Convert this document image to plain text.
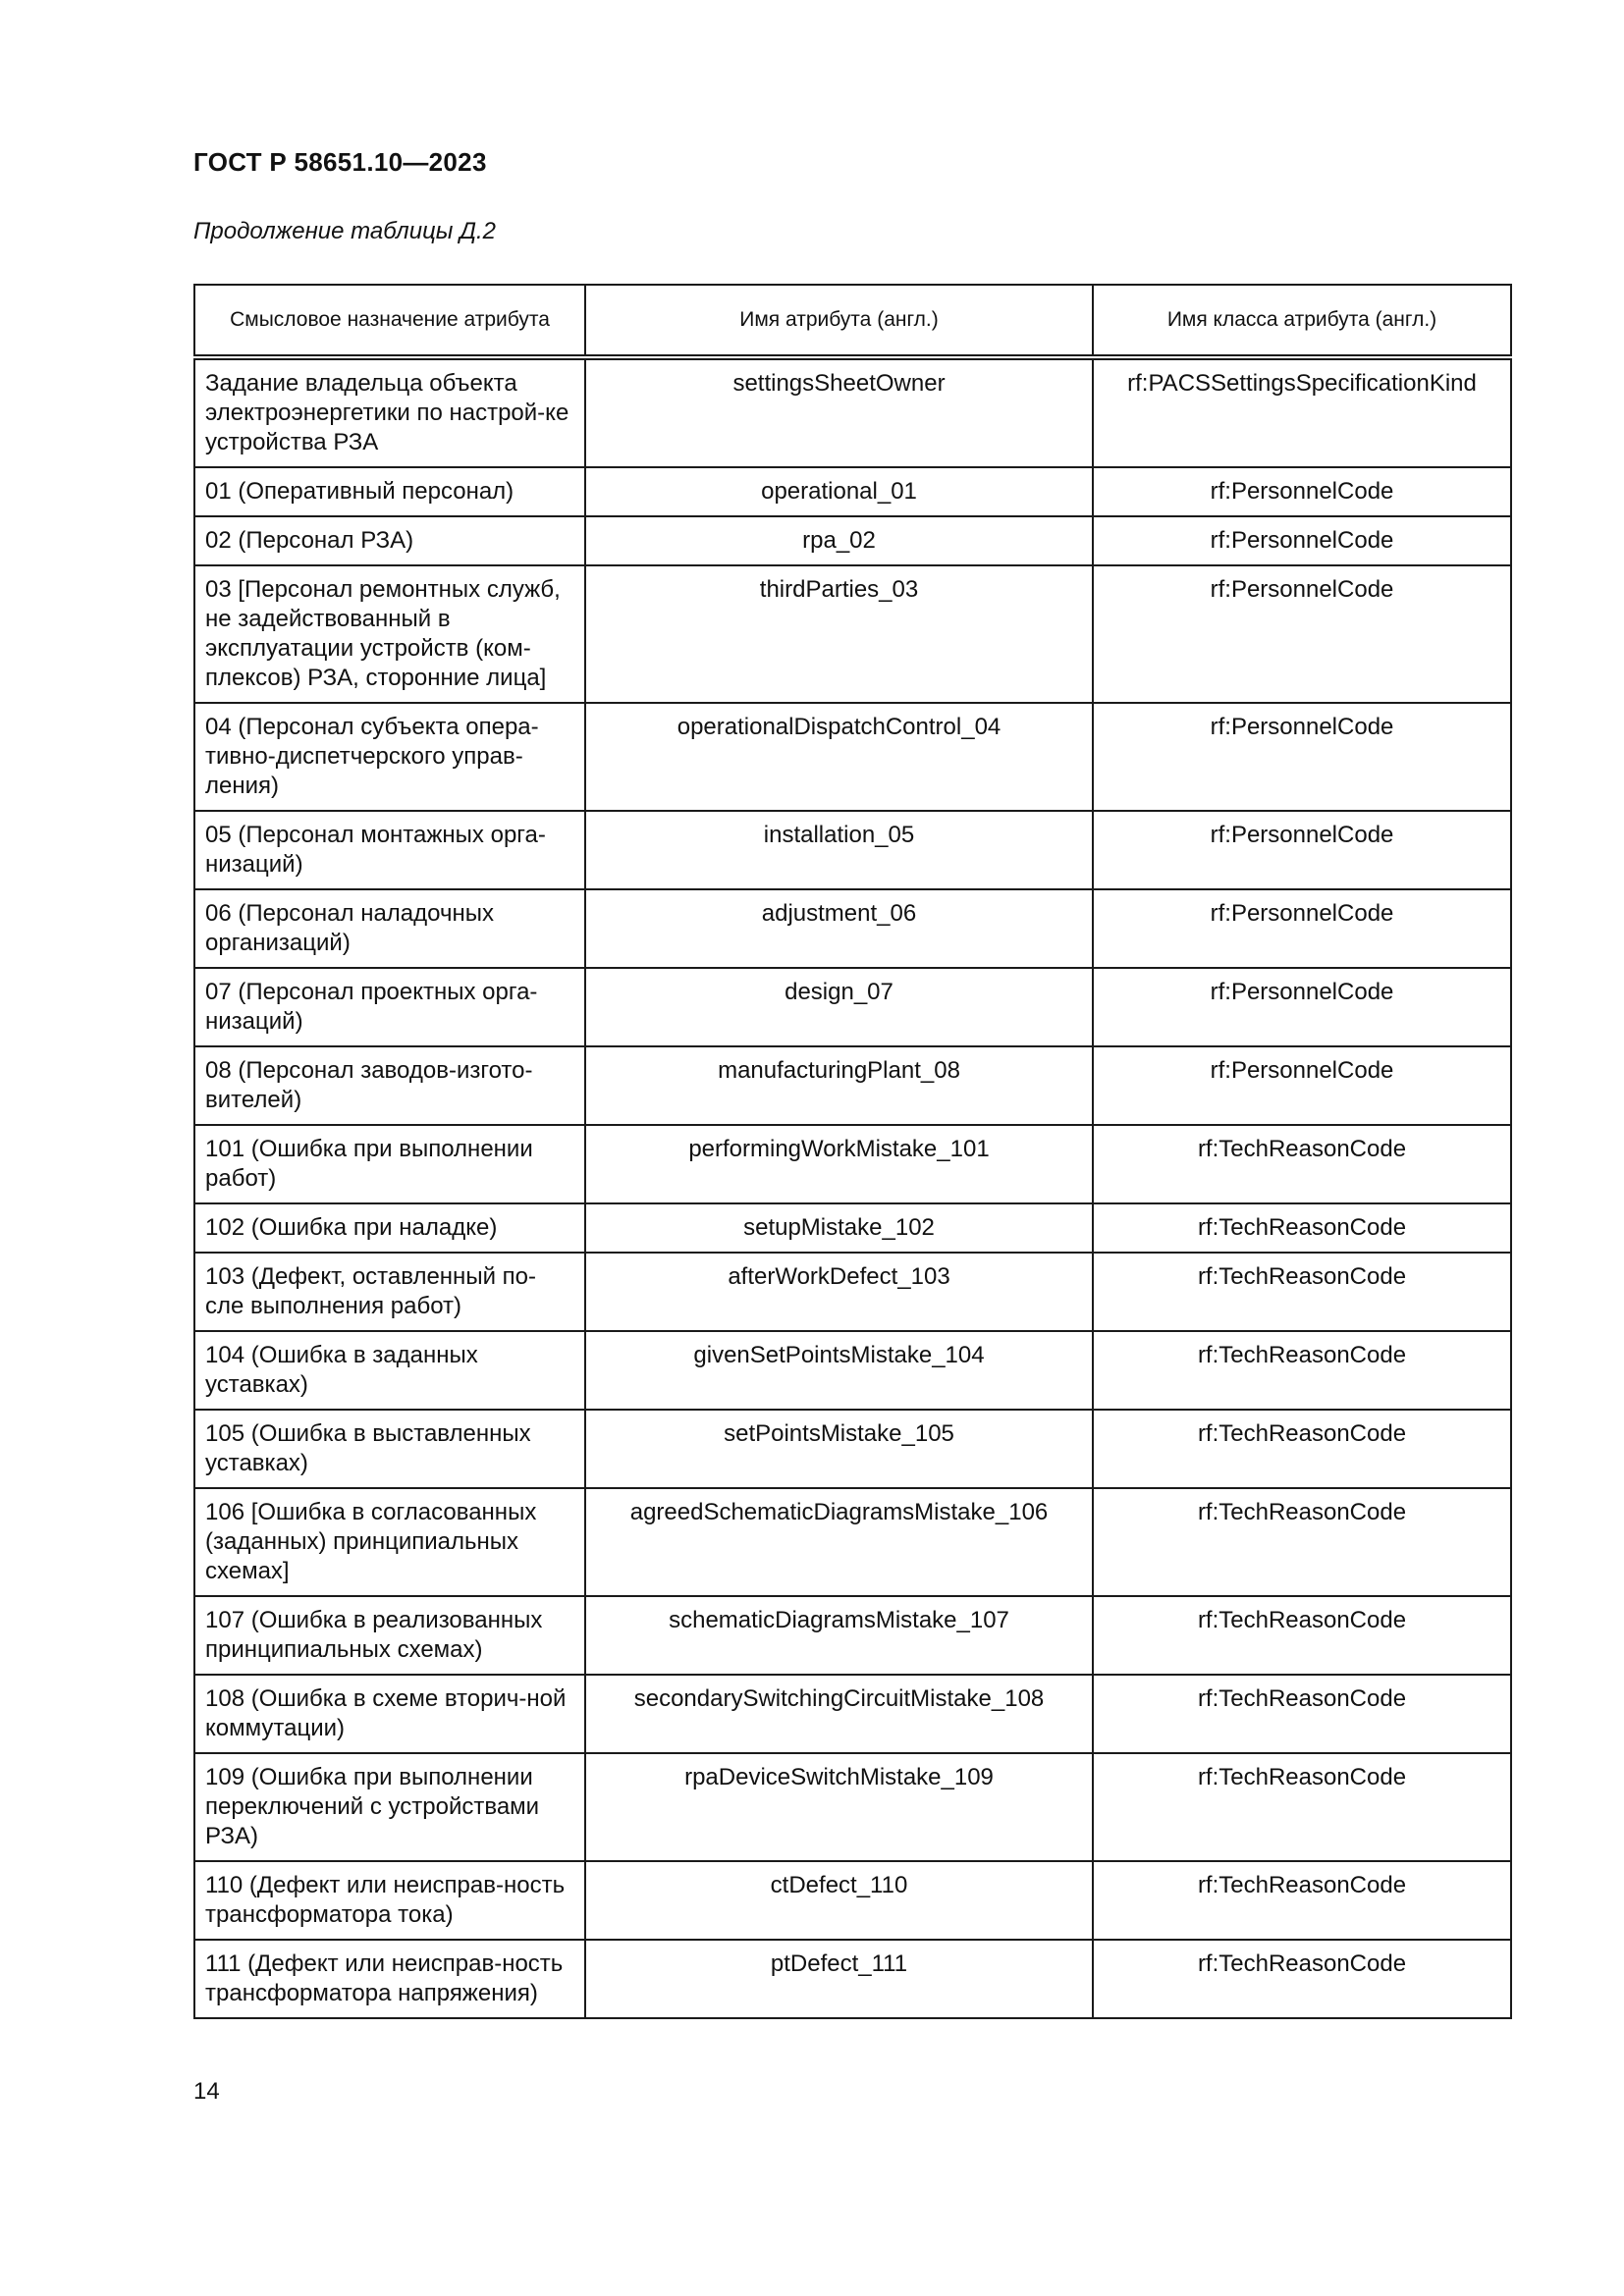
ГОСТ Р 58651.10—2023
Продолжение таблицы Д.2
Смысловое назначение атрибута	Имя атрибута (англ.)	Имя класса атрибута (англ.)
Задание владельца объекта электроэнергетики по настрой-ке устройства РЗА	settingsSheetOwner	rf:PACSSettingsSpecificationKind
01 (Оперативный персонал)	operational_01	rf:PersonnelCode
02 (Персонал РЗА)	rpa_02	rf:PersonnelCode
03 [Персонал ремонтных служб, не задействованный в эксплуатации устройств (ком-плексов) РЗА, сторонние лица]	thirdParties_03	rf:PersonnelCode
04 (Персонал субъекта опера-тивно-диспетчерского управ-ления)	operationalDispatchControl_04	rf:PersonnelCode
05 (Персонал монтажных орга-низаций)	installation_05	rf:PersonnelCode
06 (Персонал наладочных организаций)	adjustment_06	rf:PersonnelCode
07 (Персонал проектных орга-низаций)	design_07	rf:PersonnelCode
08 (Персонал заводов-изгото-вителей)	manufacturingPlant_08	rf:PersonnelCode
101 (Ошибка при выполнении работ)	performingWorkMistake_101	rf:TechReasonCode
102 (Ошибка при наладке)	setupMistake_102	rf:TechReasonCode
103 (Дефект, оставленный по-сле выполнения работ)	afterWorkDefect_103	rf:TechReasonCode
104 (Ошибка в заданных уставках)	givenSetPointsMistake_104	rf:TechReasonCode
105 (Ошибка в выставленных уставках)	setPointsMistake_105	rf:TechReasonCode
106 [Ошибка в согласованных (заданных) принципиальных схемах]	agreedSchematicDiagramsMistake_106	rf:TechReasonCode
107 (Ошибка в реализованных принципиальных схемах)	schematicDiagramsMistake_107	rf:TechReasonCode
108 (Ошибка в схеме вторич-ной коммутации)	secondarySwitchingCircuitMistake_108	rf:TechReasonCode
109 (Ошибка при выполнении переключений с устройствами РЗА)	rpaDeviceSwitchMistake_109	rf:TechReasonCode
110 (Дефект или неисправ-ность трансформатора тока)	ctDefect_110	rf:TechReasonCode
111 (Дефект или неисправ-ность трансформатора напряжения)	ptDefect_111	rf:TechReasonCode
14
